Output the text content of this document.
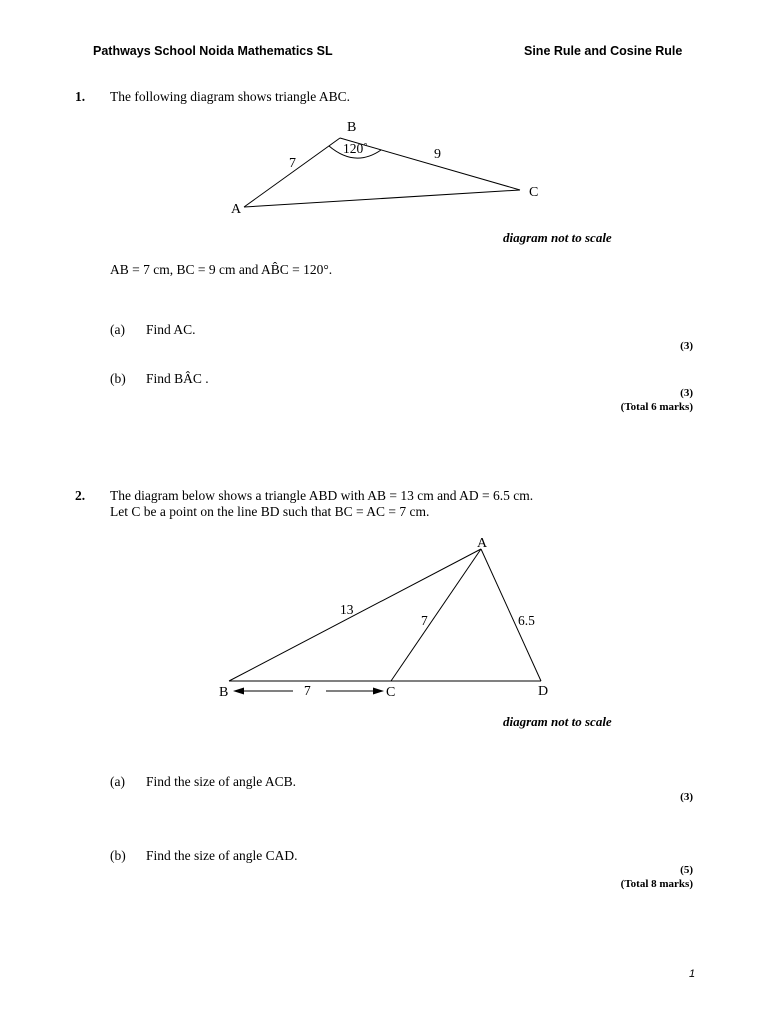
Pathways School Noida Mathematics SL	Sine Rule and Cosine Rule
1. The following diagram shows triangle ABC.
B
A
C
7
9
120˚
diagram not to scale
AB = 7 cm, BC = 9 cm and AB̂C = 120°.
(a) Find AC.
(3)
(b) Find BÂC .
(3)
(Total 6 marks)
2. The diagram below shows a triangle ABD with AB = 13 cm and AD = 6.5 cm.
Let C be a point on the line BD such that BC = AC = 7 cm.
A
B	C	D
13
7	6.5
7
diagram not to scale
(a) Find the size of angle ACB.
(3)
(b) Find the size of angle CAD.
(5)
(Total 8 marks)
1
